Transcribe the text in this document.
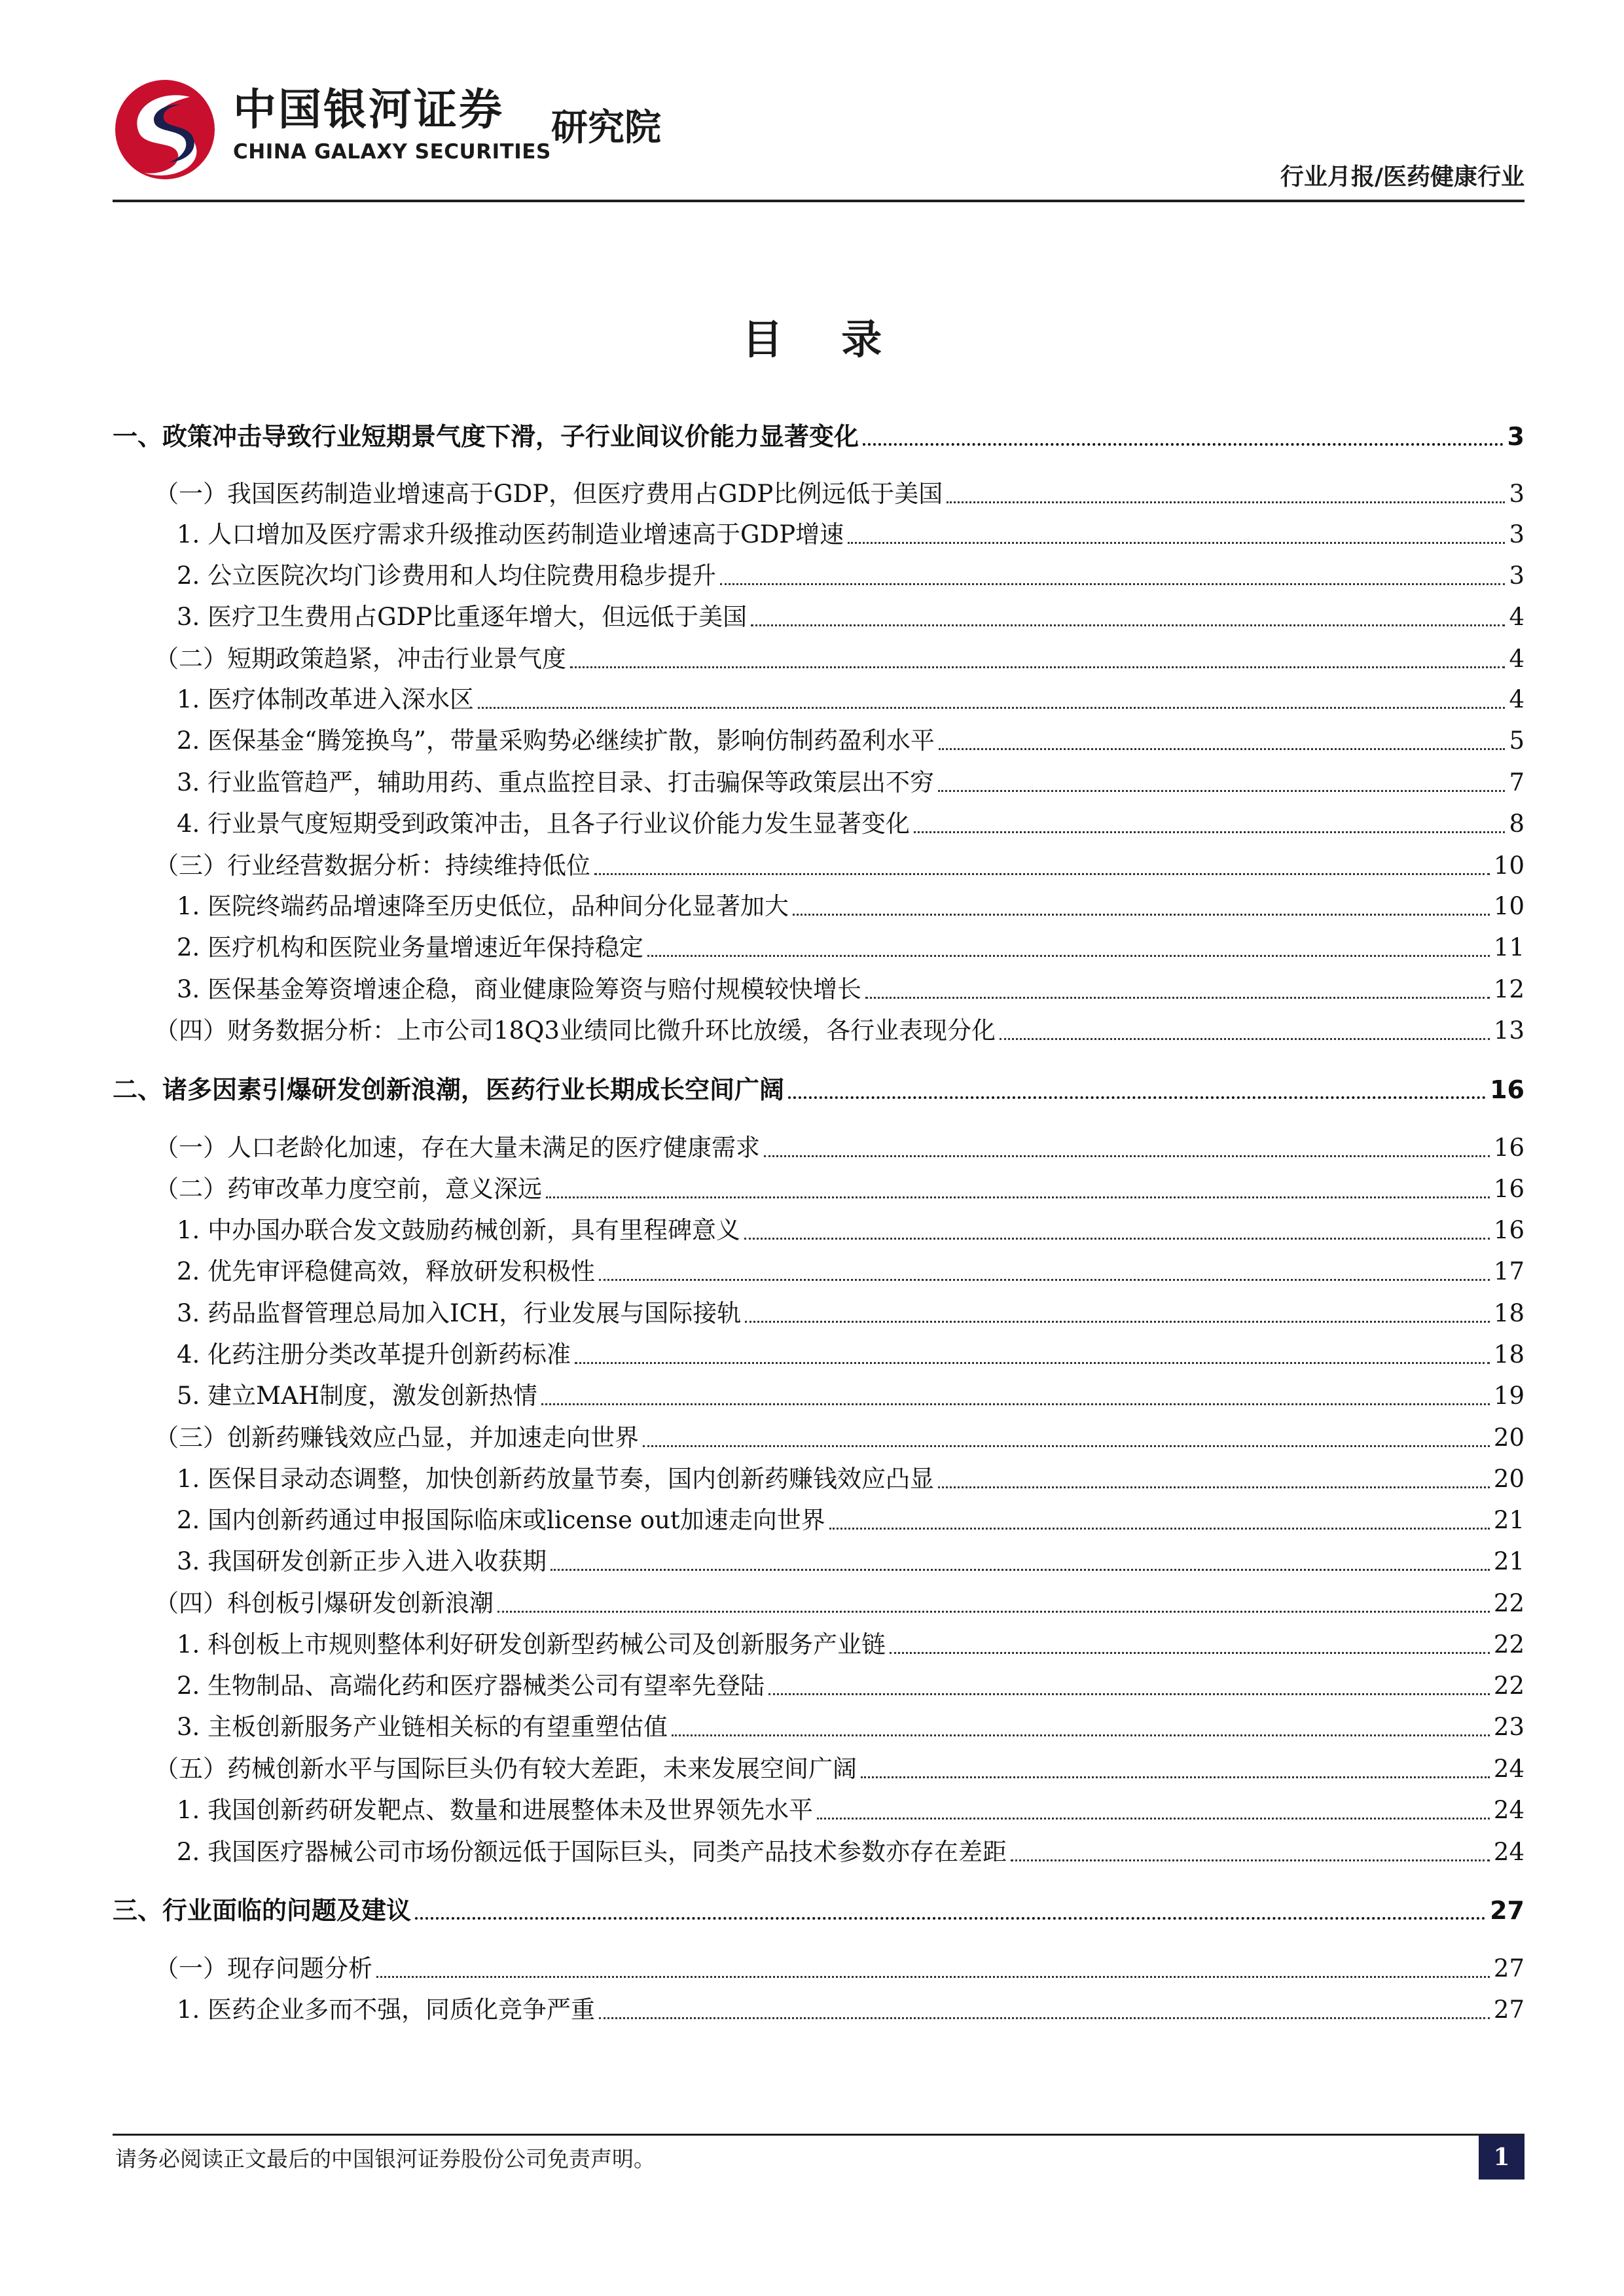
中国银河证券
CHINA GALAXY SECURITIES
研究院
行业月报/医药健康行业
目 录
一、政策冲击导致行业短期景气度下滑，子行业间议价能力显著变化	3
（一）我国医药制造业增速高于GDP，但医疗费用占GDP比例远低于美国	3
1. 人口增加及医疗需求升级推动医药制造业增速高于GDP增速	3
2. 公立医院次均门诊费用和人均住院费用稳步提升	3
3. 医疗卫生费用占GDP比重逐年增大，但远低于美国	4
（二）短期政策趋紧，冲击行业景气度	4
1. 医疗体制改革进入深水区	4
2. 医保基金“腾笼换鸟”，带量采购势必继续扩散，影响仿制药盈利水平	5
3. 行业监管趋严，辅助用药、重点监控目录、打击骗保等政策层出不穷	7
4. 行业景气度短期受到政策冲击，且各子行业议价能力发生显著变化	8
（三）行业经营数据分析：持续维持低位	10
1. 医院终端药品增速降至历史低位，品种间分化显著加大	10
2. 医疗机构和医院业务量增速近年保持稳定	11
3. 医保基金筹资增速企稳，商业健康险筹资与赔付规模较快增长	12
（四）财务数据分析：上市公司18Q3业绩同比微升环比放缓，各行业表现分化	13
二、诸多因素引爆研发创新浪潮，医药行业长期成长空间广阔	16
（一）人口老龄化加速，存在大量未满足的医疗健康需求	16
（二）药审改革力度空前，意义深远	16
1. 中办国办联合发文鼓励药械创新，具有里程碑意义	16
2. 优先审评稳健高效，释放研发积极性	17
3. 药品监督管理总局加入ICH，行业发展与国际接轨	18
4. 化药注册分类改革提升创新药标准	18
5. 建立MAH制度，激发创新热情	19
（三）创新药赚钱效应凸显，并加速走向世界	20
1. 医保目录动态调整，加快创新药放量节奏，国内创新药赚钱效应凸显	20
2. 国内创新药通过申报国际临床或license out加速走向世界	21
3. 我国研发创新正步入进入收获期	21
（四）科创板引爆研发创新浪潮	22
1. 科创板上市规则整体利好研发创新型药械公司及创新服务产业链	22
2. 生物制品、高端化药和医疗器械类公司有望率先登陆	22
3. 主板创新服务产业链相关标的有望重塑估值	23
（五）药械创新水平与国际巨头仍有较大差距，未来发展空间广阔	24
1. 我国创新药研发靶点、数量和进展整体未及世界领先水平	24
2. 我国医疗器械公司市场份额远低于国际巨头，同类产品技术参数亦存在差距	24
三、行业面临的问题及建议	27
（一）现存问题分析	27
1. 医药企业多而不强，同质化竞争严重	27
请务必阅读正文最后的中国银河证券股份公司免责声明。	1
